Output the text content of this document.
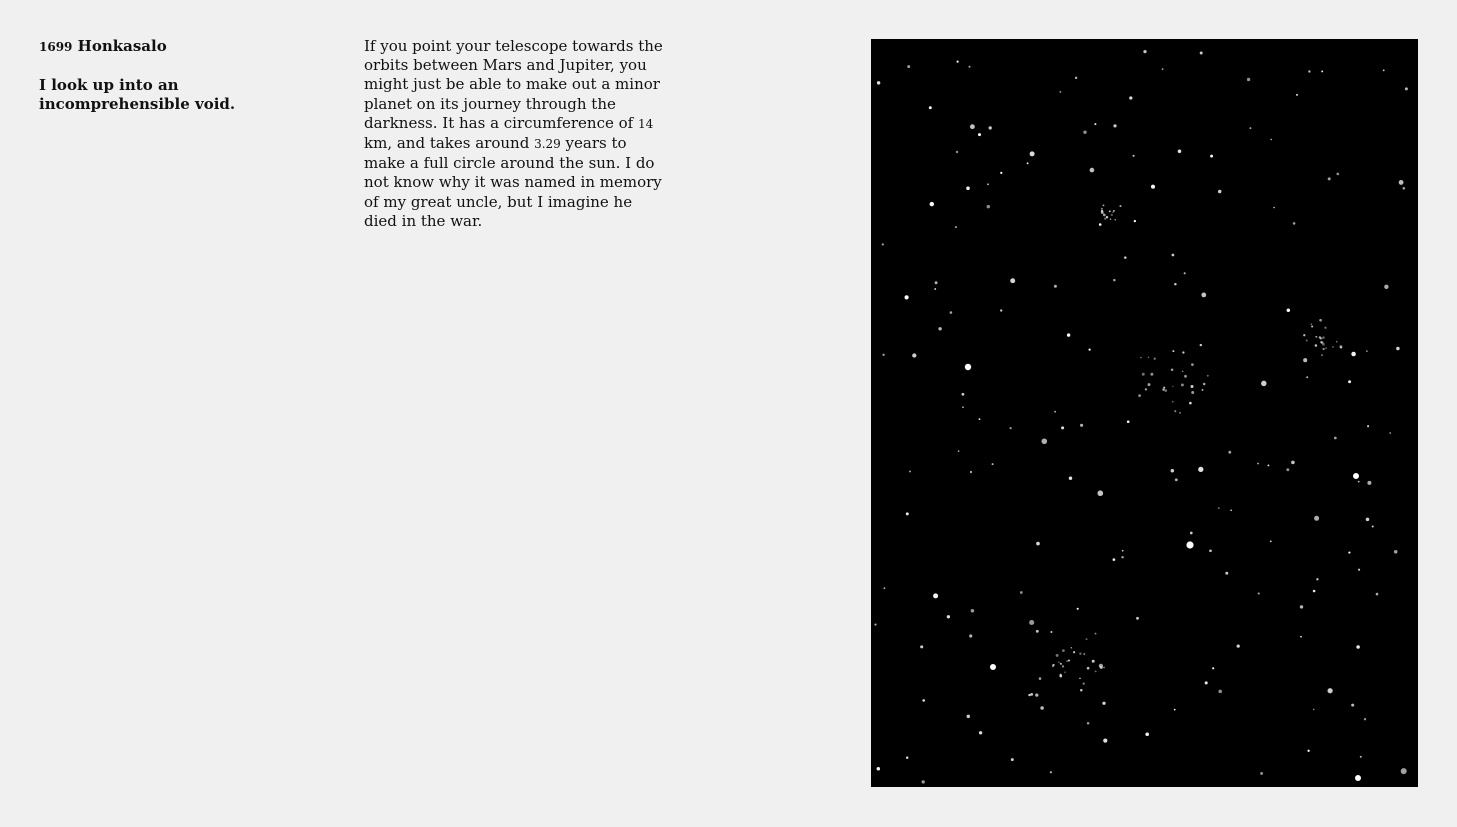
1699 Honkasalo

I look up into an incomprehensible void.

If you point your telescope towards the orbits between Mars and Jupiter, you might just be able to make out a minor planet on its journey through the darkness. It has a circumference of 14 km, and takes around 3.29 years to make a full circle around the sun. I do not know why it was named in memory of my great uncle, but I imagine he died in the war.
